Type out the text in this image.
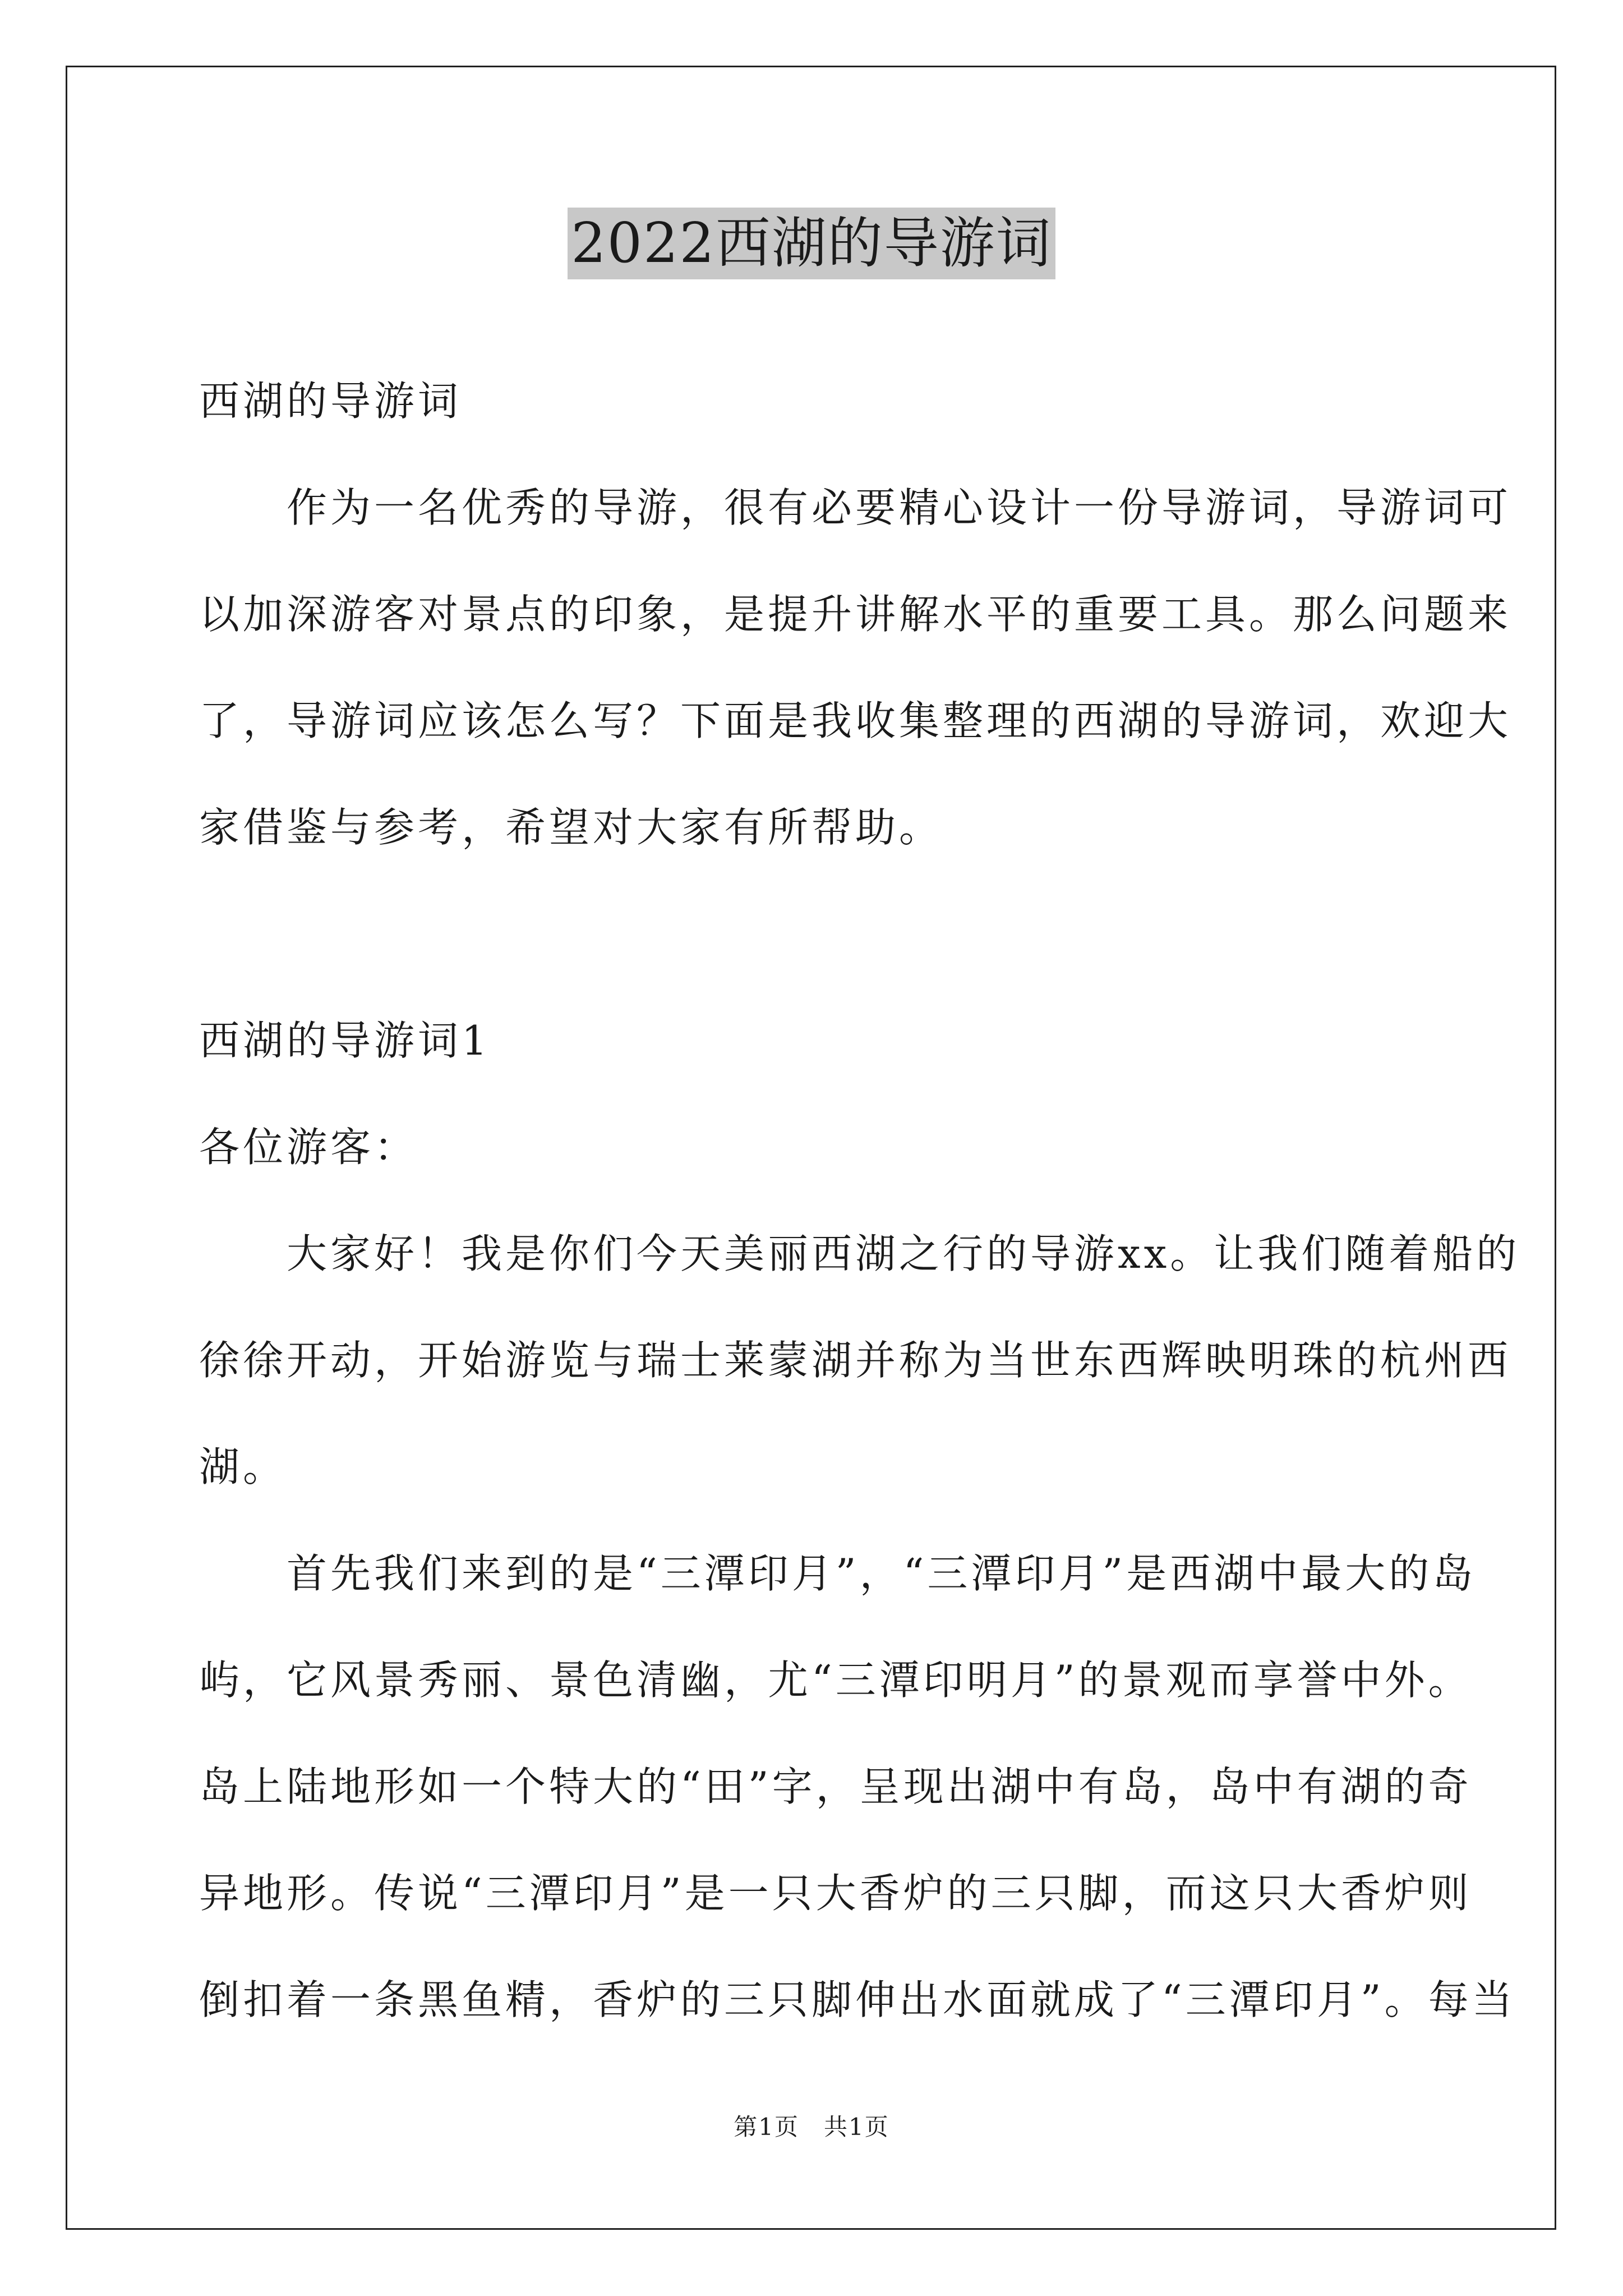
2022西湖的导游词
西湖的导游词
　　作为一名优秀的导游，很有必要精心设计一份导游词，导游词可
以加深游客对景点的印象，是提升讲解水平的重要工具。那么问题来
了，导游词应该怎么写？下面是我收集整理的西湖的导游词，欢迎大
家借鉴与参考，希望对大家有所帮助。
西湖的导游词1
各位游客：
　　大家好！我是你们今天美丽西湖之行的导游xx。让我们随着船的
徐徐开动，开始游览与瑞士莱蒙湖并称为当世东西辉映明珠的杭州西
湖。
　　首先我们来到的是“三潭印月”，“三潭印月”是西湖中最大的岛
屿，它风景秀丽、景色清幽，尤“三潭印明月”的景观而享誉中外。
岛上陆地形如一个特大的“田”字，呈现出湖中有岛，岛中有湖的奇
异地形。传说“三潭印月”是一只大香炉的三只脚，而这只大香炉则
倒扣着一条黑鱼精，香炉的三只脚伸出水面就成了“三潭印月”。每当
第1页　共1页
